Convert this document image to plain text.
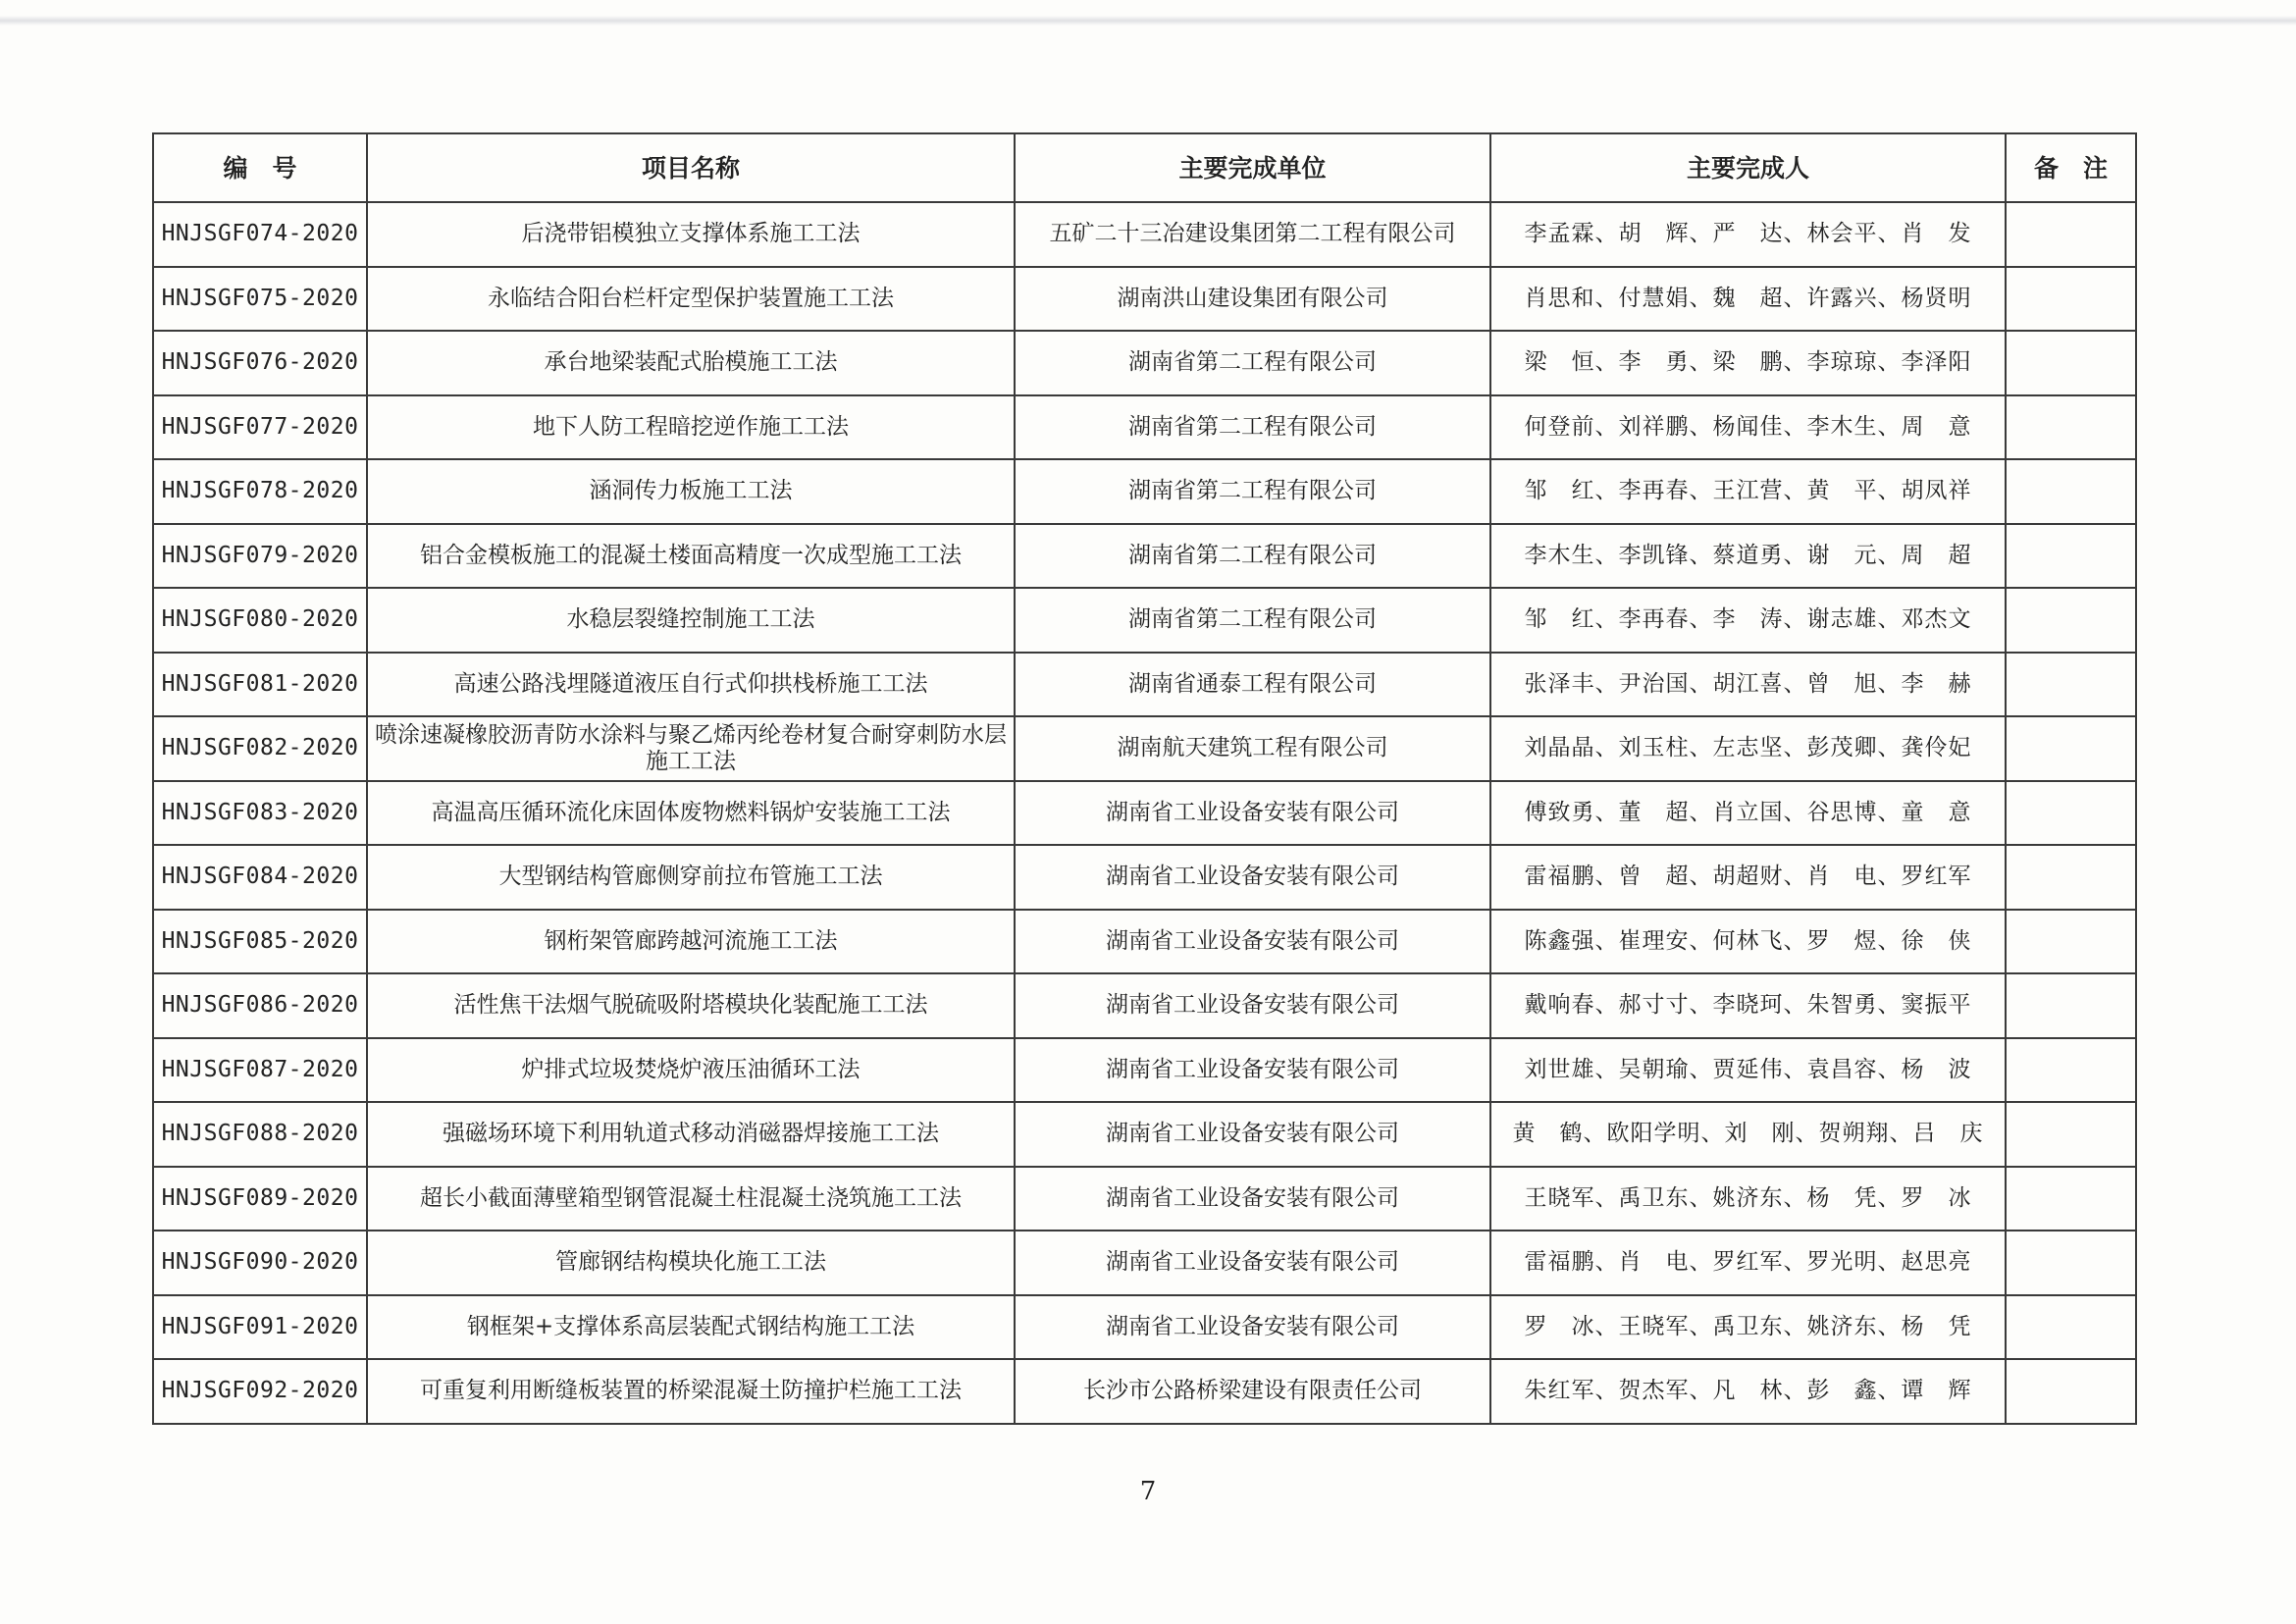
编　号	项目名称	主要完成单位	主要完成人	备　注
HNJSGF074-2020	后浇带铝模独立支撑体系施工工法	五矿二十三冶建设集团第二工程有限公司	李孟霖、胡　辉、严　达、林会平、肖　发	
HNJSGF075-2020	永临结合阳台栏杆定型保护装置施工工法	湖南洪山建设集团有限公司	肖思和、付慧娟、魏　超、许露兴、杨贤明	
HNJSGF076-2020	承台地梁装配式胎模施工工法	湖南省第二工程有限公司	梁　恒、李　勇、梁　鹏、李琼琼、李泽阳	
HNJSGF077-2020	地下人防工程暗挖逆作施工工法	湖南省第二工程有限公司	何登前、刘祥鹏、杨闻佳、李木生、周　意	
HNJSGF078-2020	涵洞传力板施工工法	湖南省第二工程有限公司	邹　红、李再春、王江营、黄　平、胡凤祥	
HNJSGF079-2020	铝合金模板施工的混凝土楼面高精度一次成型施工工法	湖南省第二工程有限公司	李木生、李凯锋、蔡道勇、谢　元、周　超	
HNJSGF080-2020	水稳层裂缝控制施工工法	湖南省第二工程有限公司	邹　红、李再春、李　涛、谢志雄、邓杰文	
HNJSGF081-2020	高速公路浅埋隧道液压自行式仰拱栈桥施工工法	湖南省通泰工程有限公司	张泽丰、尹治国、胡江喜、曾　旭、李　赫	
HNJSGF082-2020	喷涂速凝橡胶沥青防水涂料与聚乙烯丙纶卷材复合耐穿刺防水层施工工法	湖南航天建筑工程有限公司	刘晶晶、刘玉柱、左志坚、彭茂卿、龚伶妃	
HNJSGF083-2020	高温高压循环流化床固体废物燃料锅炉安装施工工法	湖南省工业设备安装有限公司	傅致勇、董　超、肖立国、谷思博、童　意	
HNJSGF084-2020	大型钢结构管廊侧穿前拉布管施工工法	湖南省工业设备安装有限公司	雷福鹏、曾　超、胡超财、肖　电、罗红军	
HNJSGF085-2020	钢桁架管廊跨越河流施工工法	湖南省工业设备安装有限公司	陈鑫强、崔理安、何林飞、罗　煜、徐　侠	
HNJSGF086-2020	活性焦干法烟气脱硫吸附塔模块化装配施工工法	湖南省工业设备安装有限公司	戴响春、郝寸寸、李晓珂、朱智勇、窦振平	
HNJSGF087-2020	炉排式垃圾焚烧炉液压油循环工法	湖南省工业设备安装有限公司	刘世雄、吴朝瑜、贾延伟、袁昌容、杨　波	
HNJSGF088-2020	强磁场环境下利用轨道式移动消磁器焊接施工工法	湖南省工业设备安装有限公司	黄　鹤、欧阳学明、刘　刚、贺朔翔、吕　庆	
HNJSGF089-2020	超长小截面薄壁箱型钢管混凝土柱混凝土浇筑施工工法	湖南省工业设备安装有限公司	王晓军、禹卫东、姚济东、杨　凭、罗　冰	
HNJSGF090-2020	管廊钢结构模块化施工工法	湖南省工业设备安装有限公司	雷福鹏、肖　电、罗红军、罗光明、赵思亮	
HNJSGF091-2020	钢框架+支撑体系高层装配式钢结构施工工法	湖南省工业设备安装有限公司	罗　冰、王晓军、禹卫东、姚济东、杨　凭	
HNJSGF092-2020	可重复利用断缝板装置的桥梁混凝土防撞护栏施工工法	长沙市公路桥梁建设有限责任公司	朱红军、贺杰军、凡　林、彭　鑫、谭　辉	
7
